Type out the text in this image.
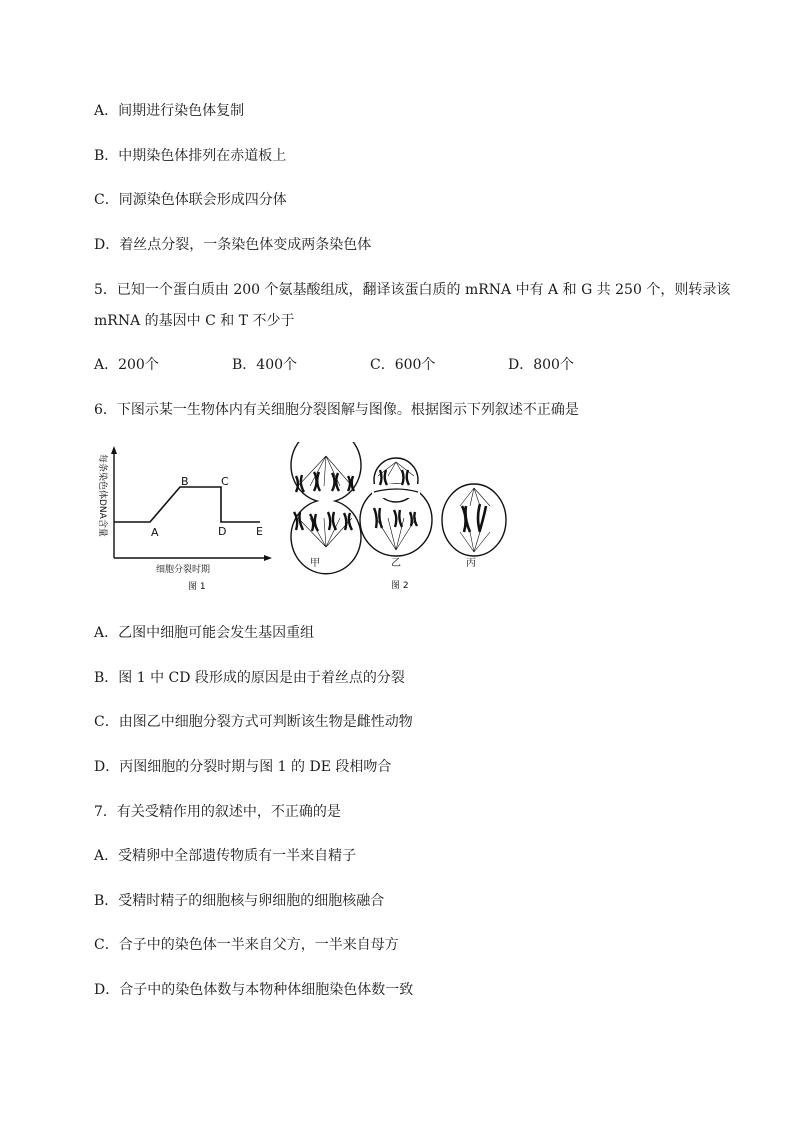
A．间期进行染色体复制
B．中期染色体排列在赤道板上
C．同源染色体联会形成四分体
D．着丝点分裂，一条染色体变成两条染色体
5．已知一个蛋白质由 200 个氨基酸组成，翻译该蛋白质的 mRNA 中有 A 和 G 共 250 个，则转录该
mRNA 的基因中 C 和 T 不少于
A．200个	B．400个	C．600个	D．800个
6．下图示某一生物体内有关细胞分裂图解与图像。根据图示下列叙述不正确是
每条染色体DNA含量	A
B	C
D	E
细胞分裂时期
图 1
甲	乙	丙
图 2
A．乙图中细胞可能会发生基因重组
B．图 1 中 CD 段形成的原因是由于着丝点的分裂
C．由图乙中细胞分裂方式可判断该生物是雌性动物
D．丙图细胞的分裂时期与图 1 的 DE 段相吻合
7．有关受精作用的叙述中，不正确的是
A．受精卵中全部遗传物质有一半来自精子
B．受精时精子的细胞核与卵细胞的细胞核融合
C．合子中的染色体一半来自父方，一半来自母方
D．合子中的染色体数与本物种体细胞染色体数一致
